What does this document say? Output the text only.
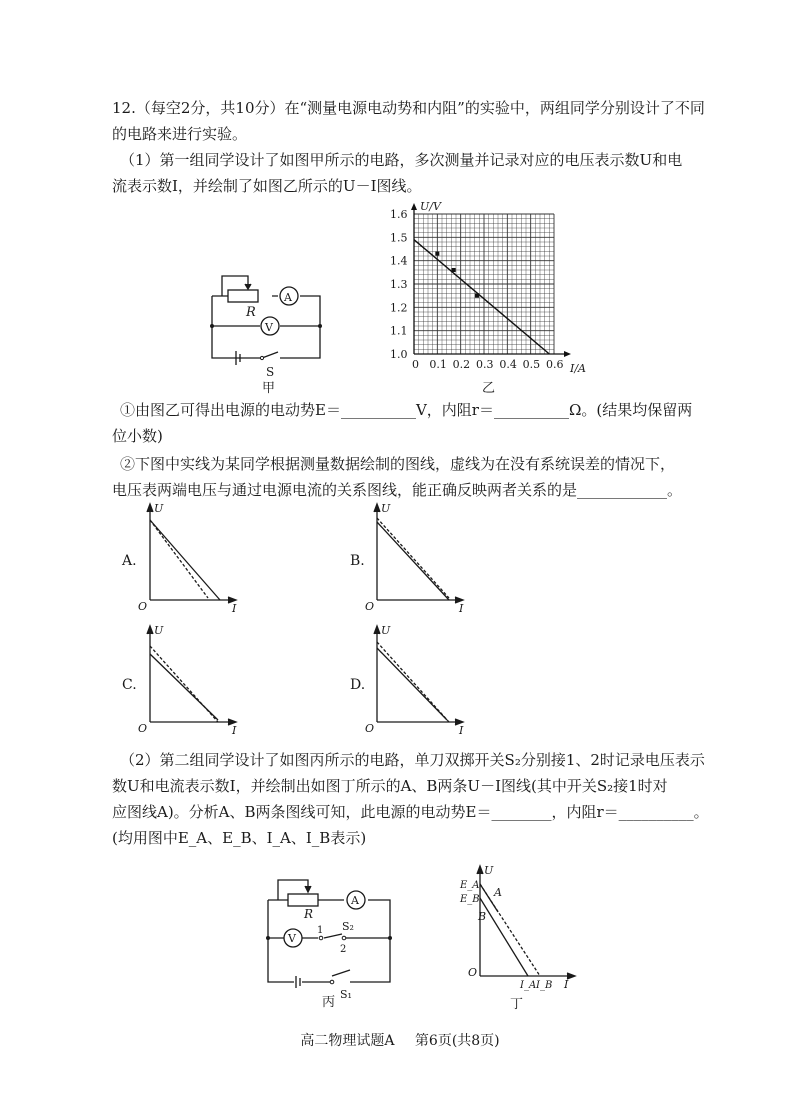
12.（每空2分，共10分）在“测量电源电动势和内阻”的实验中，两组同学分别设计了不同
的电路来进行实验。
（1）第一组同学设计了如图甲所示的电路，多次测量并记录对应的电压表示数U和电
流表示数I，并绘制了如图乙所示的U－I图线。
R
A
V
S
甲
0 0.1 0.2 0.3 0.4 0.5 0.6
1.0
1.1
1.2
1.3
1.4
1.5
1.6
U/V
I/A
乙
①由图乙可得出电源的电动势E＝__________V，内阻r＝__________Ω。(结果均保留两
位小数)
②下图中实线为某同学根据测量数据绘制的图线，虚线为在没有系统误差的情况下，
电压表两端电压与通过电源电流的关系图线，能正确反映两者关系的是____________。
A.
U
I
O
B.
U
I
O
C.
U
I
O
D.
U
I
O
（2）第二组同学设计了如图丙所示的电路，单刀双掷开关S₂分别接1、2时记录电压表示
数U和电流表示数I，并绘制出如图丁所示的A、B两条U－I图线(其中开关S₂接1时对
应图线A)。分析A、B两条图线可知，此电源的电动势E＝________，内阻r＝__________。
(均用图中E_A、E_B、I_A、I_B表示)
R
A
V
1
2
S₂
S₁
丙
E_A
E_B
U
A
B
O
I_A I_B I
丁
高二物理试题A 第6页(共8页)
